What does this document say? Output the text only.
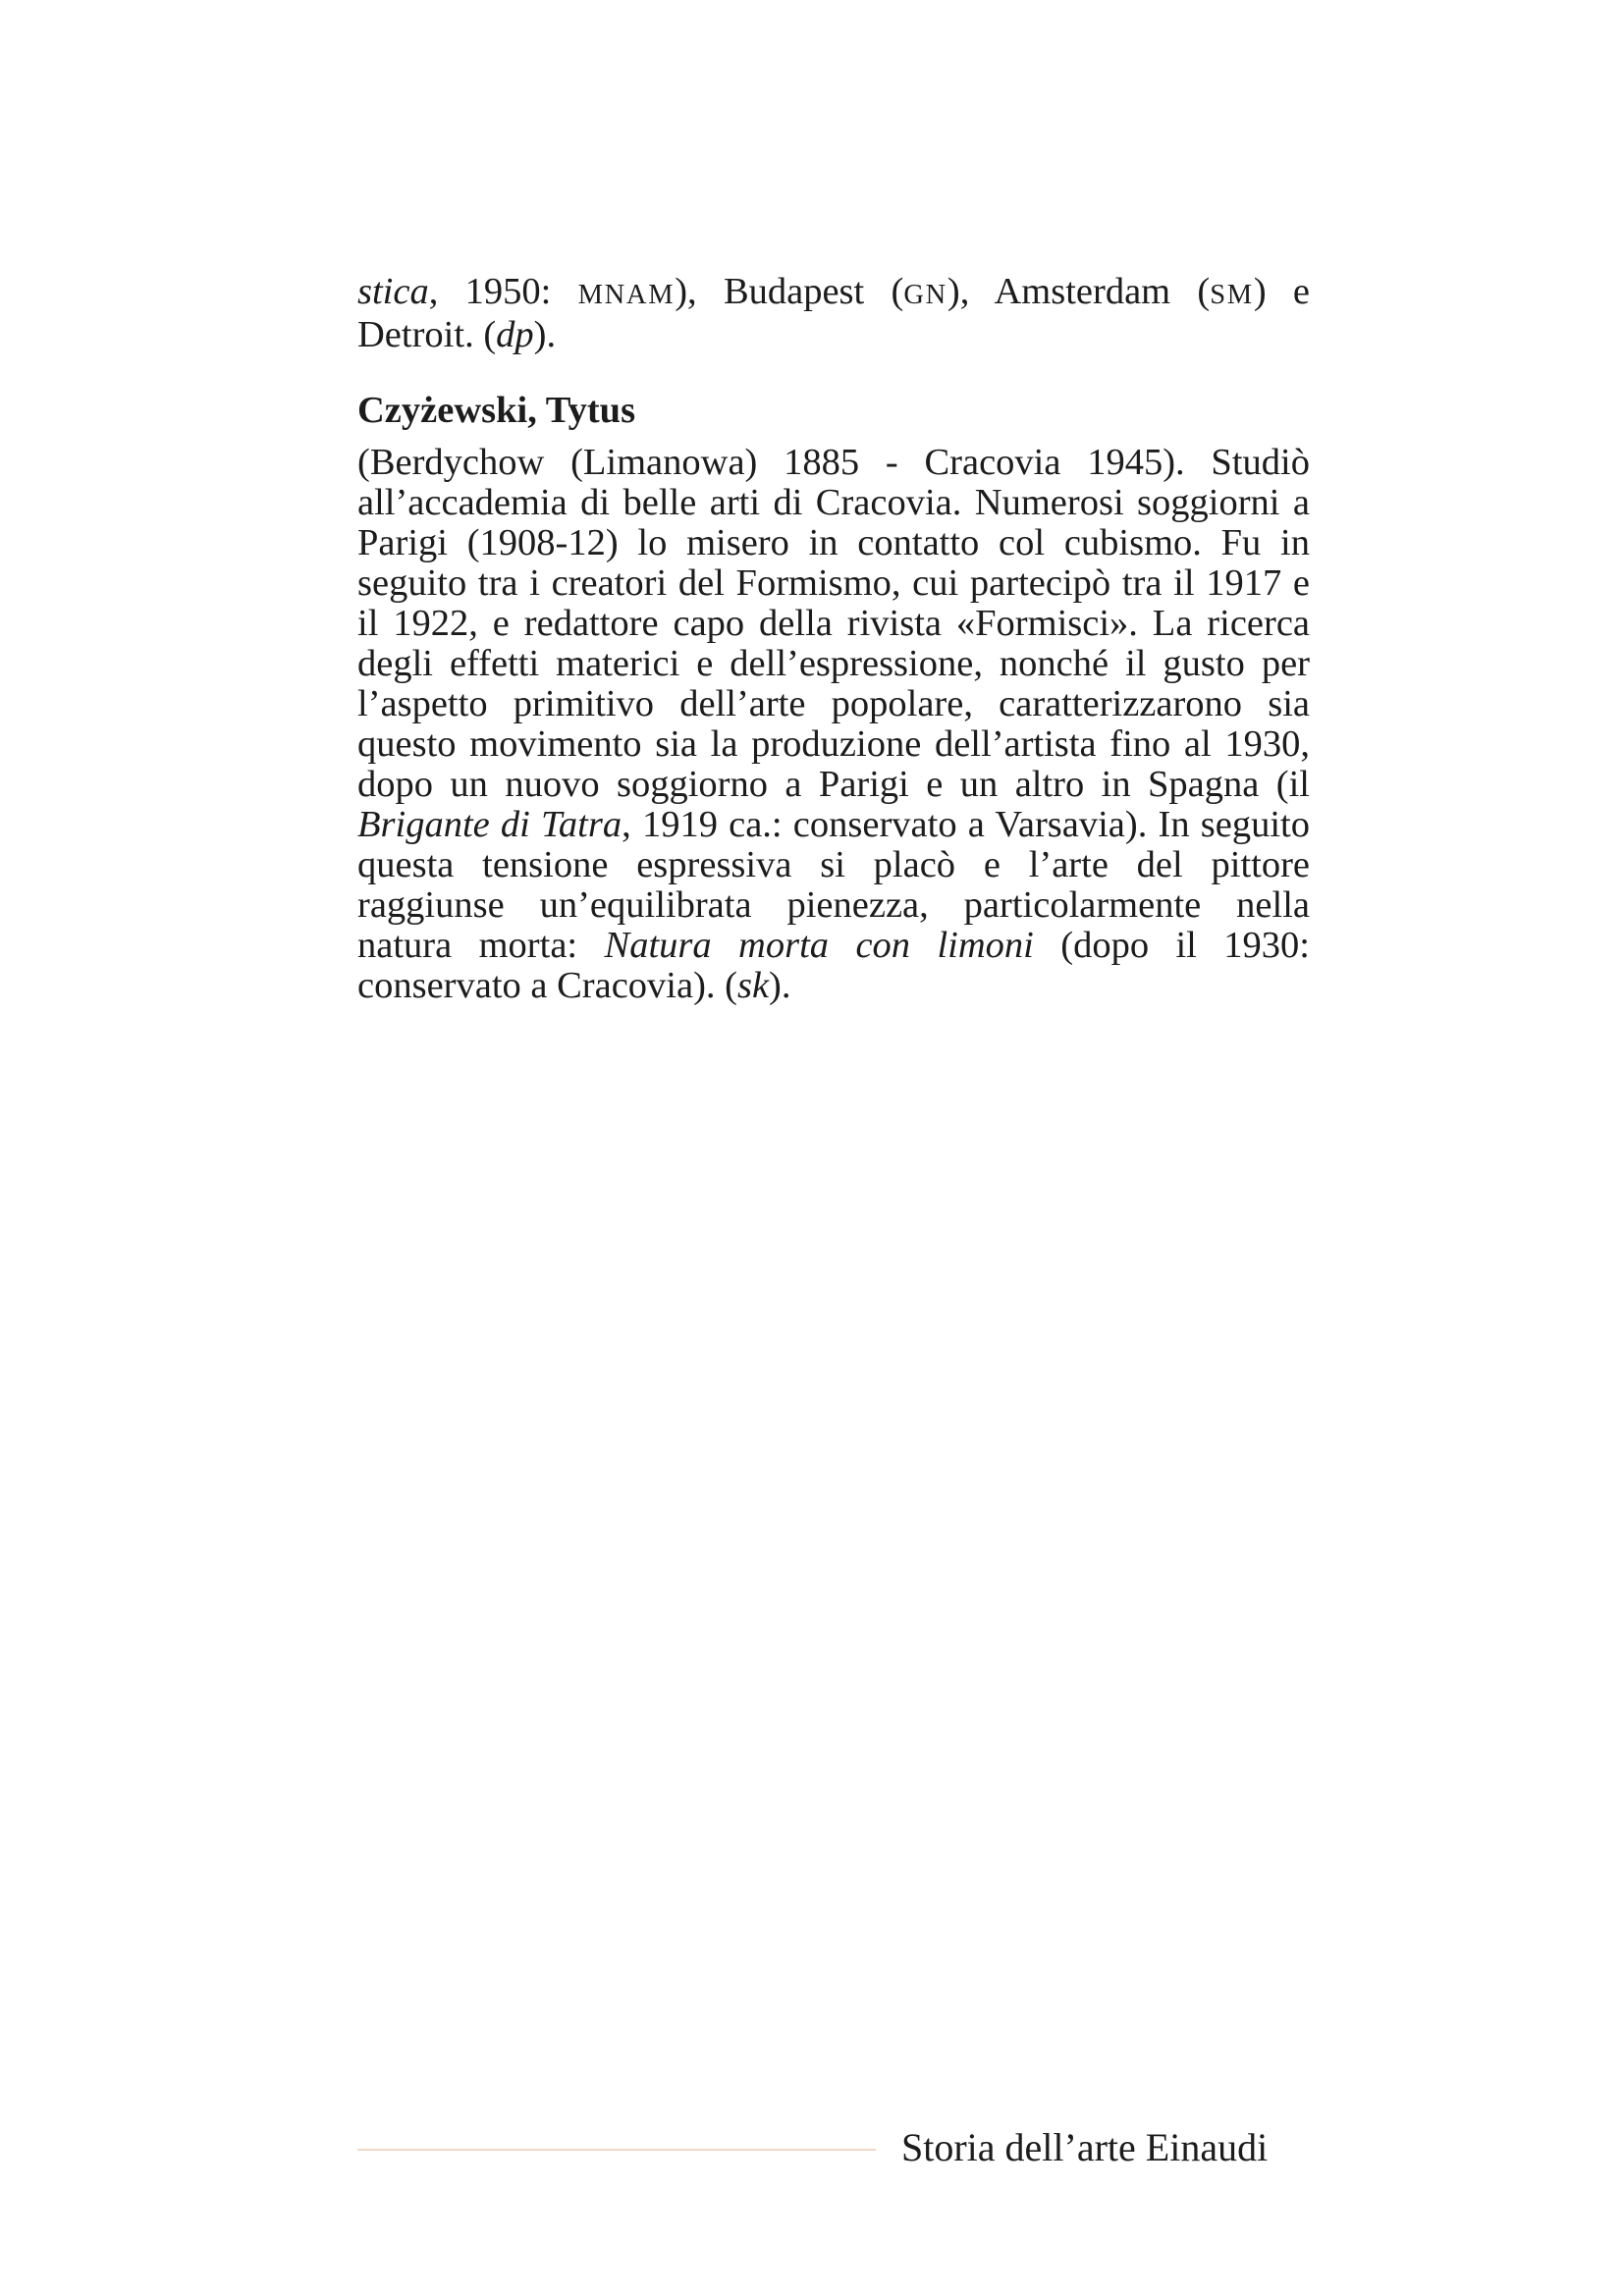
stica, 1950: MNAM), Budapest (GN), Amsterdam (SM) e Detroit. (dp).
Czyżewski, Tytus
(Berdychow (Limanowa) 1885 - Cracovia 1945). Studiò all’accademia di belle arti di Cracovia. Numerosi soggiorni a Parigi (1908-12) lo misero in contatto col cubismo. Fu in seguito tra i creatori del Formismo, cui partecipò tra il 1917 e il 1922, e redattore capo della rivista «Formisci». La ricerca degli effetti materici e dell’espressione, nonché il gusto per l’aspetto primitivo dell’arte popolare, caratterizzarono sia questo movimento sia la produzione dell’artista fino al 1930, dopo un nuovo soggiorno a Parigi e un altro in Spagna (il Brigante di Tatra, 1919 ca.: conservato a Varsavia). In seguito questa tensione espressiva si placò e l’arte del pittore raggiunse un’equilibrata pienezza, particolarmente nella natura morta: Natura morta con limoni (dopo il 1930: conservato a Cracovia). (sk).
Storia dell’arte Einaudi
